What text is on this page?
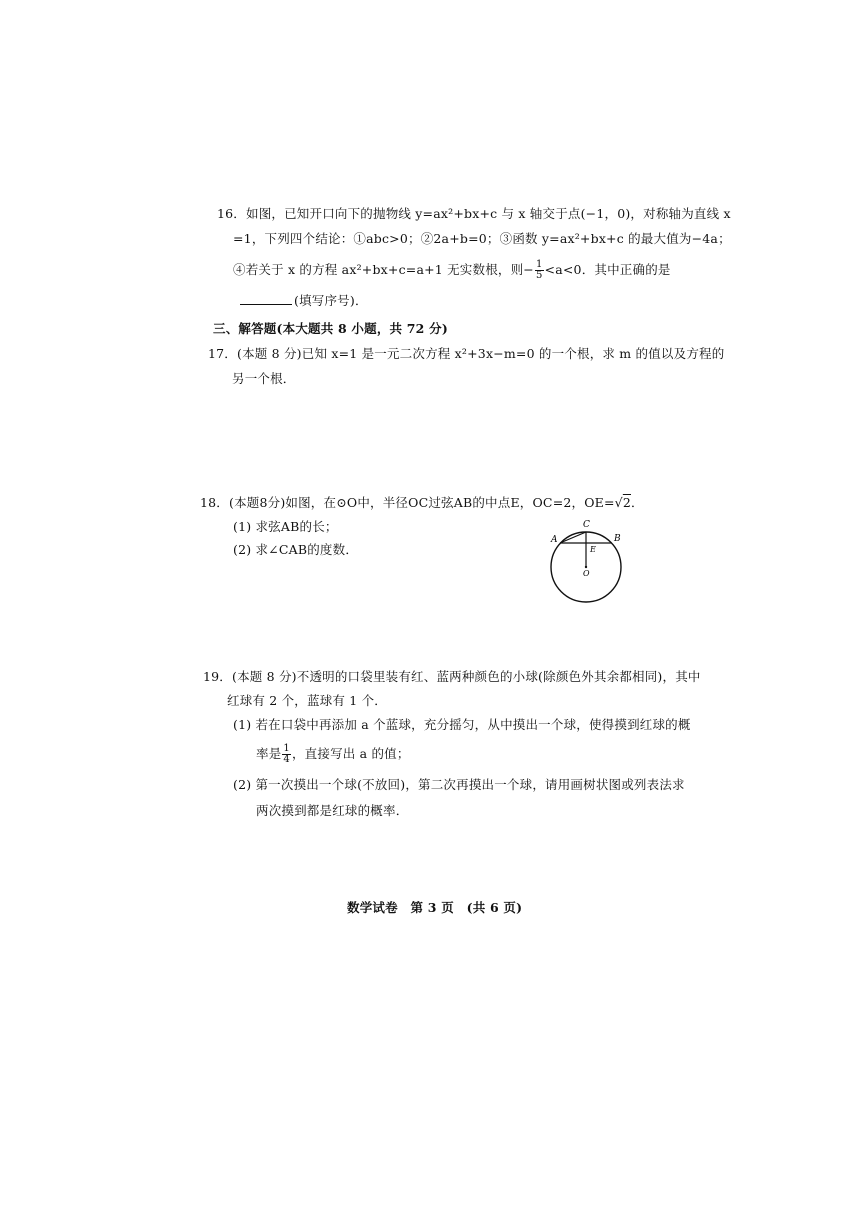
16．如图，已知开口向下的抛物线 y=ax²+bx+c 与 x 轴交于点(−1，0)，对称轴为直线 x
=1，下列四个结论：①abc>0；②2a+b=0；③函数 y=ax²+bx+c 的最大值为−4a；
④若关于 x 的方程 ax²+bx+c=a+1 无实数根，则− $\frac{1}{5} <a<0$．其中正确的是
(填写序号)．
三、解答题(本大题共 8 小题，共 72 分)
17．(本题 8 分)已知 x=1 是一元二次方程 x²+3x−m=0 的一个根，求 m 的值以及方程的
另一个根．
18．(本题8分)如图，在⊙O中，半径OC过弦AB的中点E，OC=2，OE=√2．
(1) 求弦AB的长；
(2) 求∠CAB的度数．
C
A	B
E
O
19．(本题 8 分)不透明的口袋里装有红、蓝两种颜色的小球(除颜色外其余都相同)，其中
红球有 2 个，蓝球有 1 个．
(1) 若在口袋中再添加 a 个蓝球，充分摇匀，从中摸出一个球，使得摸到红球的概
率是 $\frac{1}{4}$ ，直接写出 a 的值；
(2) 第一次摸出一个球(不放回)，第二次再摸出一个球，请用画树状图或列表法求
两次摸到都是红球的概率．
数学试卷　第 3 页　(共 6 页)
